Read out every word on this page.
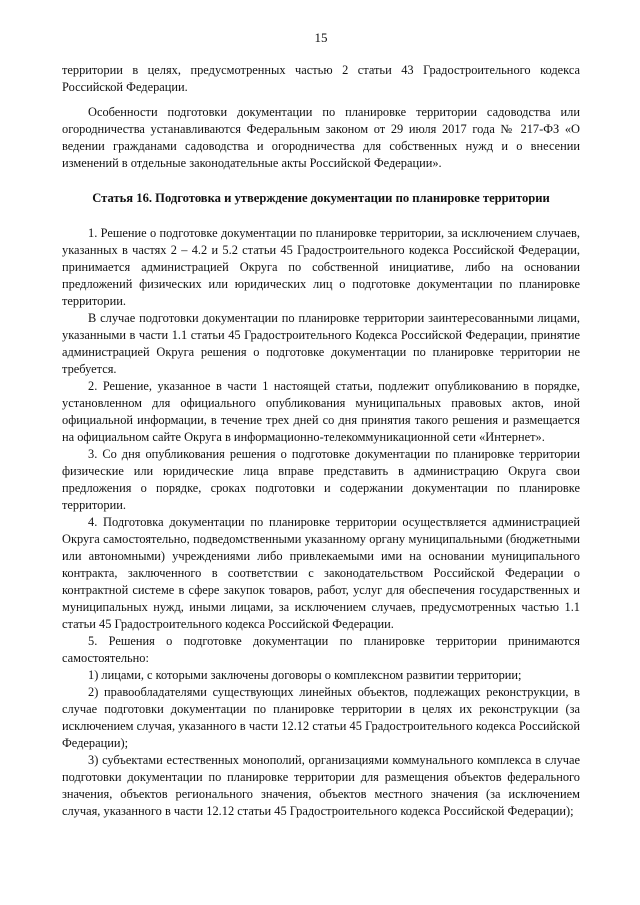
15

территории в целях, предусмотренных частью 2 статьи 43 Градостроительного кодекса Российской Федерации.

Особенности подготовки документации по планировке территории садоводства или огородничества устанавливаются Федеральным законом от 29 июля 2017 года № 217-ФЗ «О ведении гражданами садоводства и огородничества для собственных нужд и о внесении изменений в отдельные законодательные акты Российской Федерации».

Статья 16. Подготовка и утверждение документации по планировке территории

1. Решение о подготовке документации по планировке территории, за исключением случаев, указанных в частях 2 – 4.2 и 5.2 статьи 45 Градостроительного кодекса Российской Федерации, принимается администрацией Округа по собственной инициативе, либо на основании предложений физических или юридических лиц о подготовке документации по планировке территории.

В случае подготовки документации по планировке территории заинтересованными лицами, указанными в части 1.1 статьи 45 Градостроительного Кодекса Российской Федерации, принятие администрацией Округа решения о подготовке документации по планировке территории не требуется.

2. Решение, указанное в части 1 настоящей статьи, подлежит опубликованию в порядке, установленном для официального опубликования муниципальных правовых актов, иной официальной информации, в течение трех дней со дня принятия такого решения и размещается на официальном сайте Округа в информационно-телекоммуникационной сети «Интернет».

3. Со дня опубликования решения о подготовке документации по планировке территории физические или юридические лица вправе представить в администрацию Округа свои предложения о порядке, сроках подготовки и содержании документации по планировке территории.

4. Подготовка документации по планировке территории осуществляется администрацией Округа самостоятельно, подведомственными указанному органу муниципальными (бюджетными или автономными) учреждениями либо привлекаемыми ими на основании муниципального контракта, заключенного в соответствии с законодательством Российской Федерации о контрактной системе в сфере закупок товаров, работ, услуг для обеспечения государственных и муниципальных нужд, иными лицами, за исключением случаев, предусмотренных частью 1.1 статьи 45 Градостроительного кодекса Российской Федерации.

5. Решения о подготовке документации по планировке территории принимаются самостоятельно:

1) лицами, с которыми заключены договоры о комплексном развитии территории;

2) правообладателями существующих линейных объектов, подлежащих реконструкции, в случае подготовки документации по планировке территории в целях их реконструкции (за исключением случая, указанного в части 12.12 статьи 45 Градостроительного кодекса Российской Федерации);

3) субъектами естественных монополий, организациями коммунального комплекса в случае подготовки документации по планировке территории для размещения объектов федерального значения, объектов регионального значения, объектов местного значения (за исключением случая, указанного в части 12.12 статьи 45 Градостроительного кодекса Российской Федерации);
